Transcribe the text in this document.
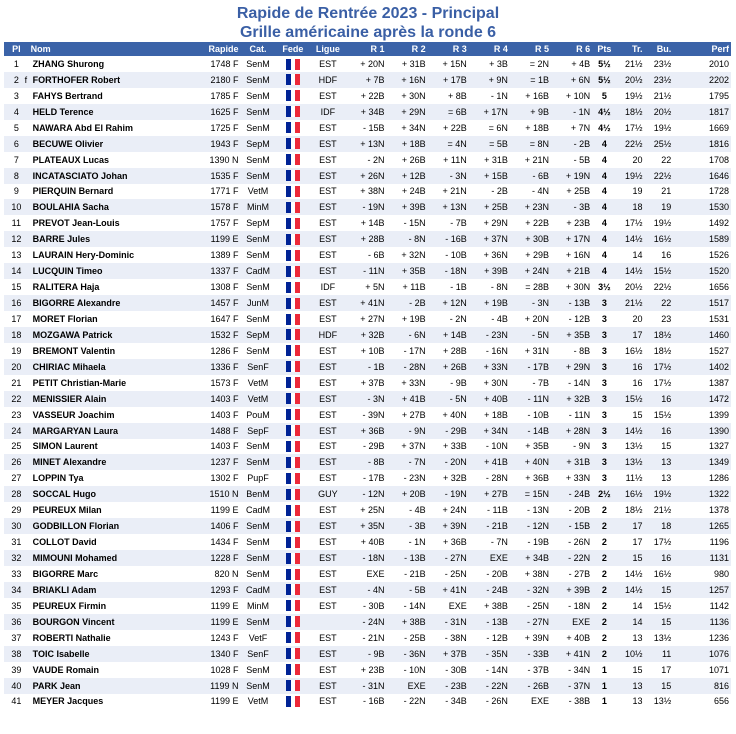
Rapide de Rentrée 2023 - Principal
Grille américaine après la ronde 6
Pl	Nom	Rapide	Cat.	Fede	Ligue	R 1	R 2	R 3	R 4	R 5	R 6	Pts	Tr.	Bu.	Perf
1	ZHANG Shurong	1748 F	SenM		EST	+ 20N	+ 31B	+ 15N	+ 3B	= 2N	+ 4B	5½	21½	23½	2010
2	f FORTHOFER Robert	2180 F	SenM		HDF	+ 7B	+ 16N	+ 17B	+ 9N	= 1B	+ 6N	5½	20½	23½	2202
3	FAHYS Bertrand	1785 F	SenM		EST	+ 22B	+ 30N	+ 8B	- 1N	+ 16B	+ 10N	5	19½	21½	1795
4	HELD Terence	1625 F	SenM		IDF	+ 34B	+ 29N	= 6B	+ 17N	+ 9B	- 1N	4½	18½	20½	1817
5	NAWARA Abd El Rahim	1725 F	SenM		EST	- 15B	+ 34N	+ 22B	= 6N	+ 18B	+ 7N	4½	17½	19½	1669
6	BECUWE Olivier	1943 F	SepM		EST	+ 13N	+ 18B	= 4N	= 5B	= 8N	- 2B	4	22½	25½	1816
7	PLATEAUX Lucas	1390 N	SenM		EST	- 2N	+ 26B	+ 11N	+ 31B	+ 21N	- 5B	4	20	22	1708
8	INCATASCIATO Johan	1535 F	SenM		EST	+ 26N	+ 12B	- 3N	+ 15B	- 6B	+ 19N	4	19½	22½	1646
9	PIERQUIN Bernard	1771 F	VetM		EST	+ 38N	+ 24B	+ 21N	- 2B	- 4N	+ 25B	4	19	21	1728
10	BOULAHIA Sacha	1578 F	MinM		EST	- 19N	+ 39B	+ 13N	+ 25B	+ 23N	- 3B	4	18	19	1530
11	PREVOT Jean-Louis	1757 F	SepM		EST	+ 14B	- 15N	- 7B	+ 29N	+ 22B	+ 23B	4	17½	19½	1492
12	BARRE Jules	1199 E	SenM		EST	+ 28B	- 8N	- 16B	+ 37N	+ 30B	+ 17N	4	14½	16½	1589
13	LAURAIN Hery-Dominic	1389 F	SenM		EST	- 6B	+ 32N	- 10B	+ 36N	+ 29B	+ 16N	4	14	16	1526
14	LUCQUIN Timeo	1337 F	CadM		EST	- 11N	+ 35B	- 18N	+ 39B	+ 24N	+ 21B	4	14½	15½	1520
15	RALITERA Haja	1308 F	SenM		IDF	+ 5N	+ 11B	- 1B	- 8N	= 28B	+ 30N	3½	20½	22½	1656
16	BIGORRE Alexandre	1457 F	JunM		EST	+ 41N	- 2B	+ 12N	+ 19B	- 3N	- 13B	3	21½	22	1517
17	MORET Florian	1647 F	SenM		EST	+ 27N	+ 19B	- 2N	- 4B	+ 20N	- 12B	3	20	23	1531
18	MOZGAWA Patrick	1532 F	SepM		HDF	+ 32B	- 6N	+ 14B	- 23N	- 5N	+ 35B	3	17	18½	1460
19	BREMONT Valentin	1286 F	SenM		EST	+ 10B	- 17N	+ 28B	- 16N	+ 31N	- 8B	3	16½	18½	1527
20	CHIRIAC Mihaela	1336 F	SenF		EST	- 1B	- 28N	+ 26B	+ 33N	- 17B	+ 29N	3	16	17½	1402
21	PETIT Christian-Marie	1573 F	VetM		EST	+ 37B	+ 33N	- 9B	+ 30N	- 7B	- 14N	3	16	17½	1387
22	MENISSIER Alain	1403 F	VetM		EST	- 3N	+ 41B	- 5N	+ 40B	- 11N	+ 32B	3	15½	16	1472
23	VASSEUR Joachim	1403 F	PouM		EST	- 39N	+ 27B	+ 40N	+ 18B	- 10B	- 11N	3	15	15½	1399
24	MARGARYAN Laura	1488 F	SepF		EST	+ 36B	- 9N	- 29B	+ 34N	- 14B	+ 28N	3	14½	16	1390
25	SIMON Laurent	1403 F	SenM		EST	- 29B	+ 37N	+ 33B	- 10N	+ 35B	- 9N	3	13½	15	1327
26	MINET Alexandre	1237 F	SenM		EST	- 8B	- 7N	- 20N	+ 41B	+ 40N	+ 31B	3	13½	13	1349
27	LOPPIN Tya	1302 F	PupF		EST	- 17B	- 23N	+ 32B	- 28N	+ 36B	+ 33N	3	11½	13	1286
28	SOCCAL Hugo	1510 N	BenM		GUY	- 12N	+ 20B	- 19N	+ 27B	= 15N	- 24B	2½	16½	19½	1322
29	PEUREUX Milan	1199 E	CadM		EST	+ 25N	- 4B	+ 24N	- 11B	- 13N	- 20B	2	18½	21½	1378
30	GODBILLON Florian	1406 F	SenM		EST	+ 35N	- 3B	+ 39N	- 21B	- 12N	- 15B	2	17	18	1265
31	COLLOT David	1434 F	SenM		EST	+ 40B	- 1N	+ 36B	- 7N	- 19B	- 26N	2	17	17½	1196
32	MIMOUNI Mohamed	1228 F	SenM		EST	- 18N	- 13B	- 27N	EXE	+ 34B	- 22N	2	15	16	1131
33	BIGORRE Marc	820 N	SenM		EST	EXE	- 21B	- 25N	- 20B	+ 38N	- 27B	2	14½	16½	980
34	BRIAKLI Adam	1293 F	CadM		EST	- 4N	- 5B	+ 41N	- 24B	- 32N	+ 39B	2	14½	15	1257
35	PEUREUX Firmin	1199 E	MinM		EST	- 30B	- 14N	EXE	+ 38B	- 25N	- 18N	2	14	15½	1142
36	BOURGON Vincent	1199 E	SenM			- 24N	+ 38B	- 31N	- 13B	- 27N	EXE	2	14	15	1136
37	ROBERTI Nathalie	1243 F	VetF		EST	- 21N	- 25B	- 38N	- 12B	+ 39N	+ 40B	2	13	13½	1236
38	TOIC Isabelle	1340 F	SenF		EST	- 9B	- 36N	+ 37B	- 35N	- 33B	+ 41N	2	10½	11	1076
39	VAUDE Romain	1028 F	SenM		EST	+ 23B	- 10N	- 30B	- 14N	- 37B	- 34N	1	15	17	1071
40	PARK Jean	1199 N	SenM		EST	- 31N	EXE	- 23B	- 22N	- 26B	- 37N	1	13	15	816
41	MEYER Jacques	1199 E	VetM		EST	- 16B	- 22N	- 34B	- 26N	EXE	- 38B	1	13	13½	656
